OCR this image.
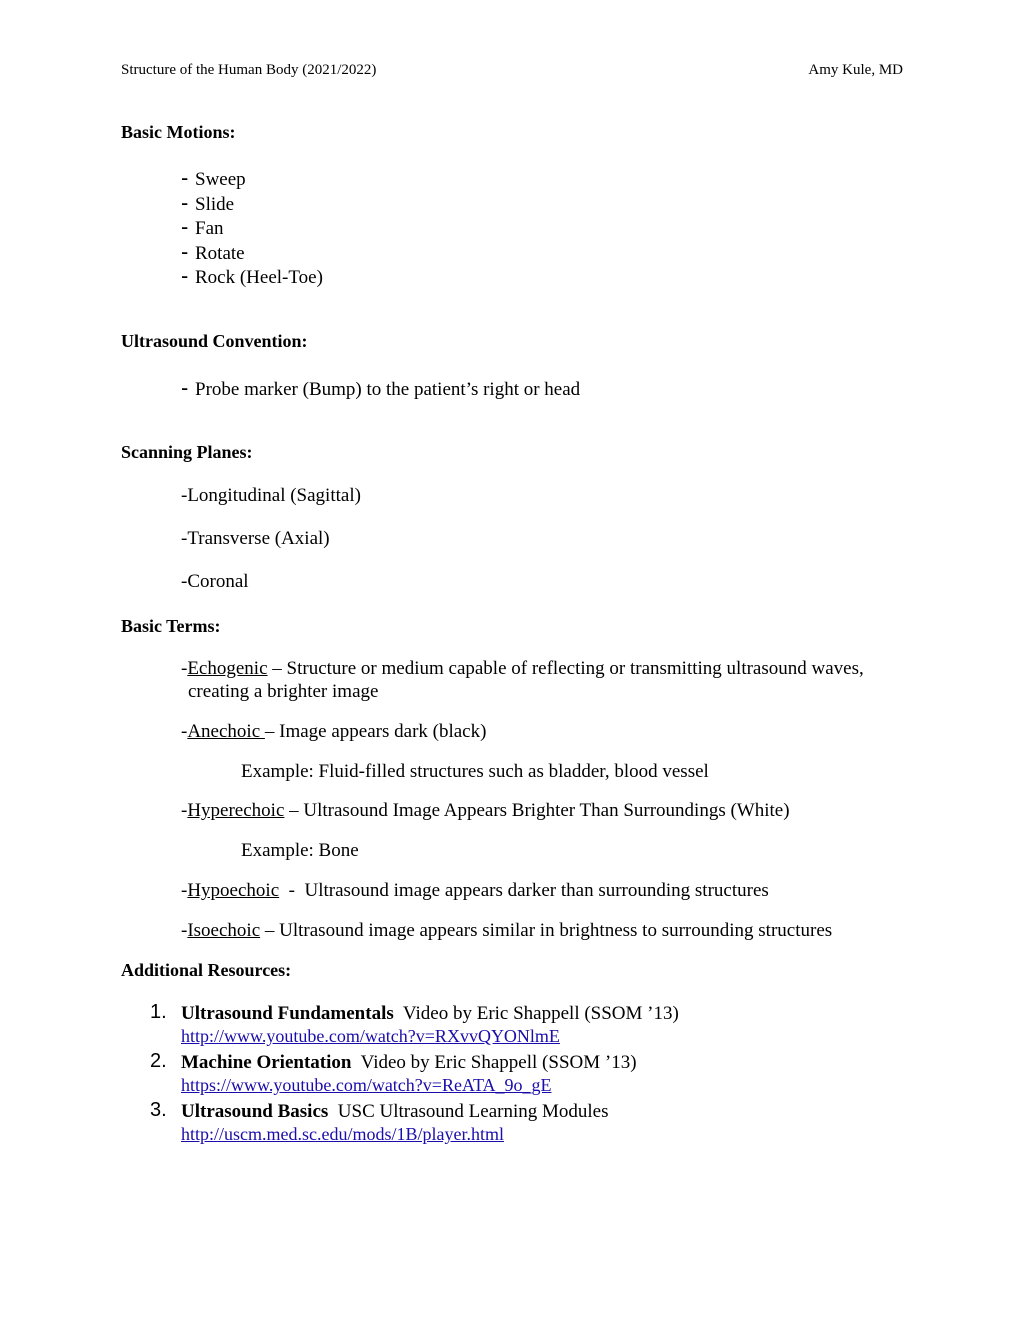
Structure of the Human Body (2021/2022)	Amy Kule, MD
Basic Motions:
- Sweep
- Slide
- Fan
- Rotate
- Rock (Heel-Toe)
Ultrasound Convention:
- Probe marker (Bump) to the patient’s right or head
Scanning Planes:
-Longitudinal (Sagittal)
-Transverse (Axial)
-Coronal
Basic Terms:
-Echogenic – Structure or medium capable of reflecting or transmitting ultrasound waves,
creating a brighter image
-Anechoic – Image appears dark (black)
Example: Fluid-filled structures such as bladder, blood vessel
-Hyperechoic – Ultrasound Image Appears Brighter Than Surroundings (White)
Example: Bone
-Hypoechoic  -  Ultrasound image appears darker than surrounding structures
-Isoechoic – Ultrasound image appears similar in brightness to surrounding structures
Additional Resources:
1. Ultrasound Fundamentals Video by Eric Shappell (SSOM ’13)
http://www.youtube.com/watch?v=RXvvQYONlmE
2. Machine Orientation Video by Eric Shappell (SSOM ’13)
https://www.youtube.com/watch?v=ReATA_9o_gE
3. Ultrasound Basics USC Ultrasound Learning Modules
http://uscm.med.sc.edu/mods/1B/player.html
